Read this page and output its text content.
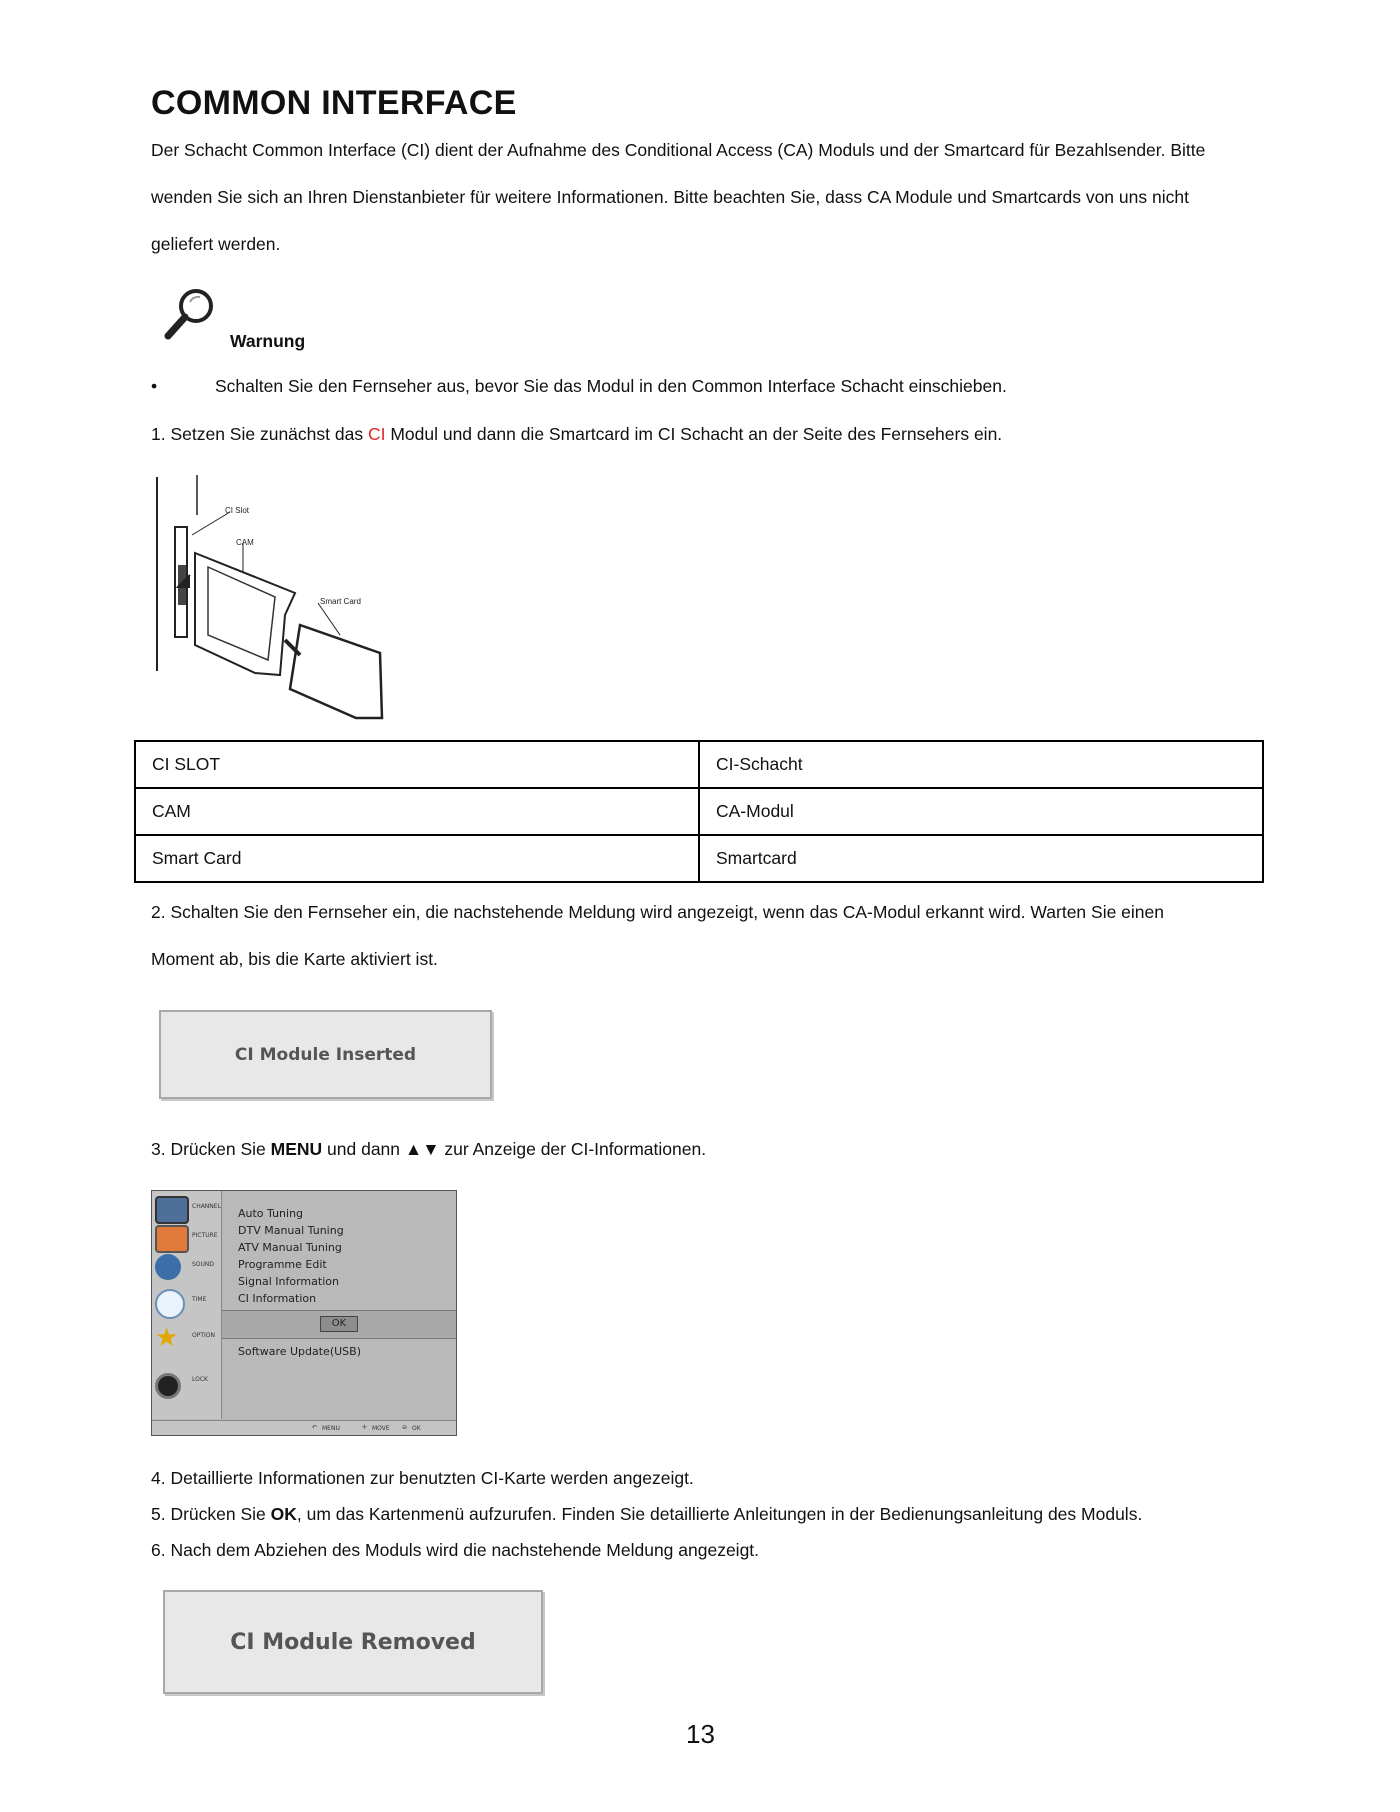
COMMON INTERFACE
Der Schacht Common Interface (CI) dient der Aufnahme des Conditional Access (CA) Moduls und der Smartcard für Bezahlsender. Bitte
wenden Sie sich an Ihren Dienstanbieter für weitere Informationen. Bitte beachten Sie, dass CA Module und Smartcards von uns nicht
geliefert werden.
Warnung
•	Schalten Sie den Fernseher aus, bevor Sie das Modul in den Common Interface Schacht einschieben.
1. Setzen Sie zunächst das CI Modul und dann die Smartcard im CI Schacht an der Seite des Fernsehers ein.
CI Slot
CAM
Smart Card
CI SLOT	CI-Schacht
CAM	CA-Modul
Smart Card	Smartcard
2. Schalten Sie den Fernseher ein, die nachstehende Meldung wird angezeigt, wenn das CA-Modul erkannt wird. Warten Sie einen
Moment ab, bis die Karte aktiviert ist.
CI Module Inserted
3. Drücken Sie MENU und dann ▲▼ zur Anzeige der CI-Informationen.
CHANNEL
PICTURE
SOUND
TIME
★	OPTION
LOCK
Auto Tuning
DTV Manual Tuning
ATV Manual Tuning
Programme Edit
Signal Information
CI Information
OK
Software Update(USB)
↶ MENU	✛ MOVE ⊖ OK
4. Detaillierte Informationen zur benutzten CI-Karte werden angezeigt.
5. Drücken Sie OK, um das Kartenmenü aufzurufen. Finden Sie detaillierte Anleitungen in der Bedienungsanleitung des Moduls.
6. Nach dem Abziehen des Moduls wird die nachstehende Meldung angezeigt.
CI Module Removed
13
